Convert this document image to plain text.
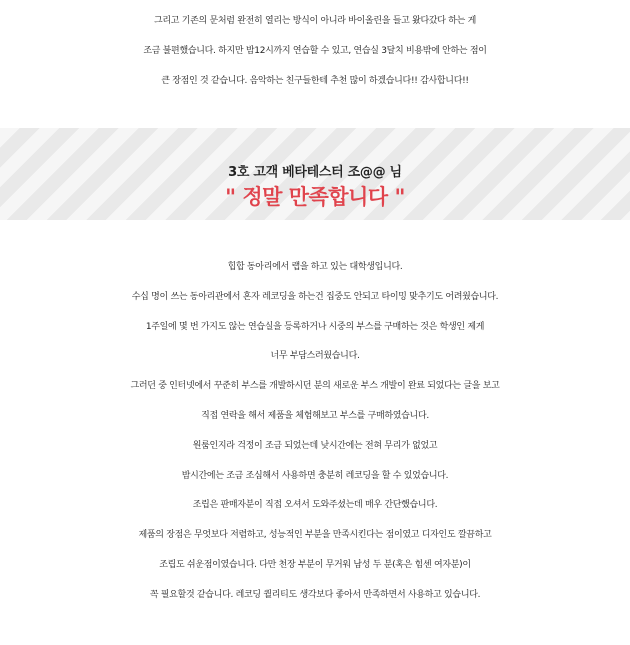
그리고 기존의 문처럼 완전히 열리는 방식이 아니라 바이올린을 들고 왔다갔다 하는 게
조금 불편했습니다. 하지만 밤12시까지 연습할 수 있고, 연습실 3달치 비용밖에 안하는 점이
큰 장점인 것 같습니다. 음악하는 친구들한테 추천 많이 하겠습니다!! 감사합니다!!
3호 고객 베타테스터 조@@ 님
" 정말 만족합니다 "
힙합 동아리에서 랩을 하고 있는 대학생입니다.
수십 명이 쓰는 동아리관에서 혼자 레코딩을 하는건 집중도 안되고 타이밍 맞추기도 어려웠습니다.
1주일에 몇 번 가지도 않는 연습실을 등록하거나 시중의 부스를 구매하는 것은 학생인 제게
너무 부담스러웠습니다.
그러던 중 인터넷에서 꾸준히 부스를 개발하시던 분의 새로운 부스 개발이 완료 되었다는 글을 보고
직접 연락을 해서 제품을 체험해보고 부스를 구매하였습니다.
원룸인지라 걱정이 조금 되었는데 낮시간에는 전혀 무리가 없었고
밤시간에는 조금 조심해서 사용하면 충분히 레코딩을 할 수 있었습니다.
조립은 판매자분이 직접 오셔서 도와주셨는데 매우 간단했습니다.
제품의 장점은 무엇보다 저렴하고, 성능적인 부분을 만족시킨다는 점이였고 디자인도 깔끔하고
조립도 쉬운점이였습니다. 다만 천장 부분이 무거워 남성 두 분(혹은 힘센 여자분)이
꼭 필요할것 같습니다. 레코딩 퀄리티도 생각보다 좋아서 만족하면서 사용하고 있습니다.
